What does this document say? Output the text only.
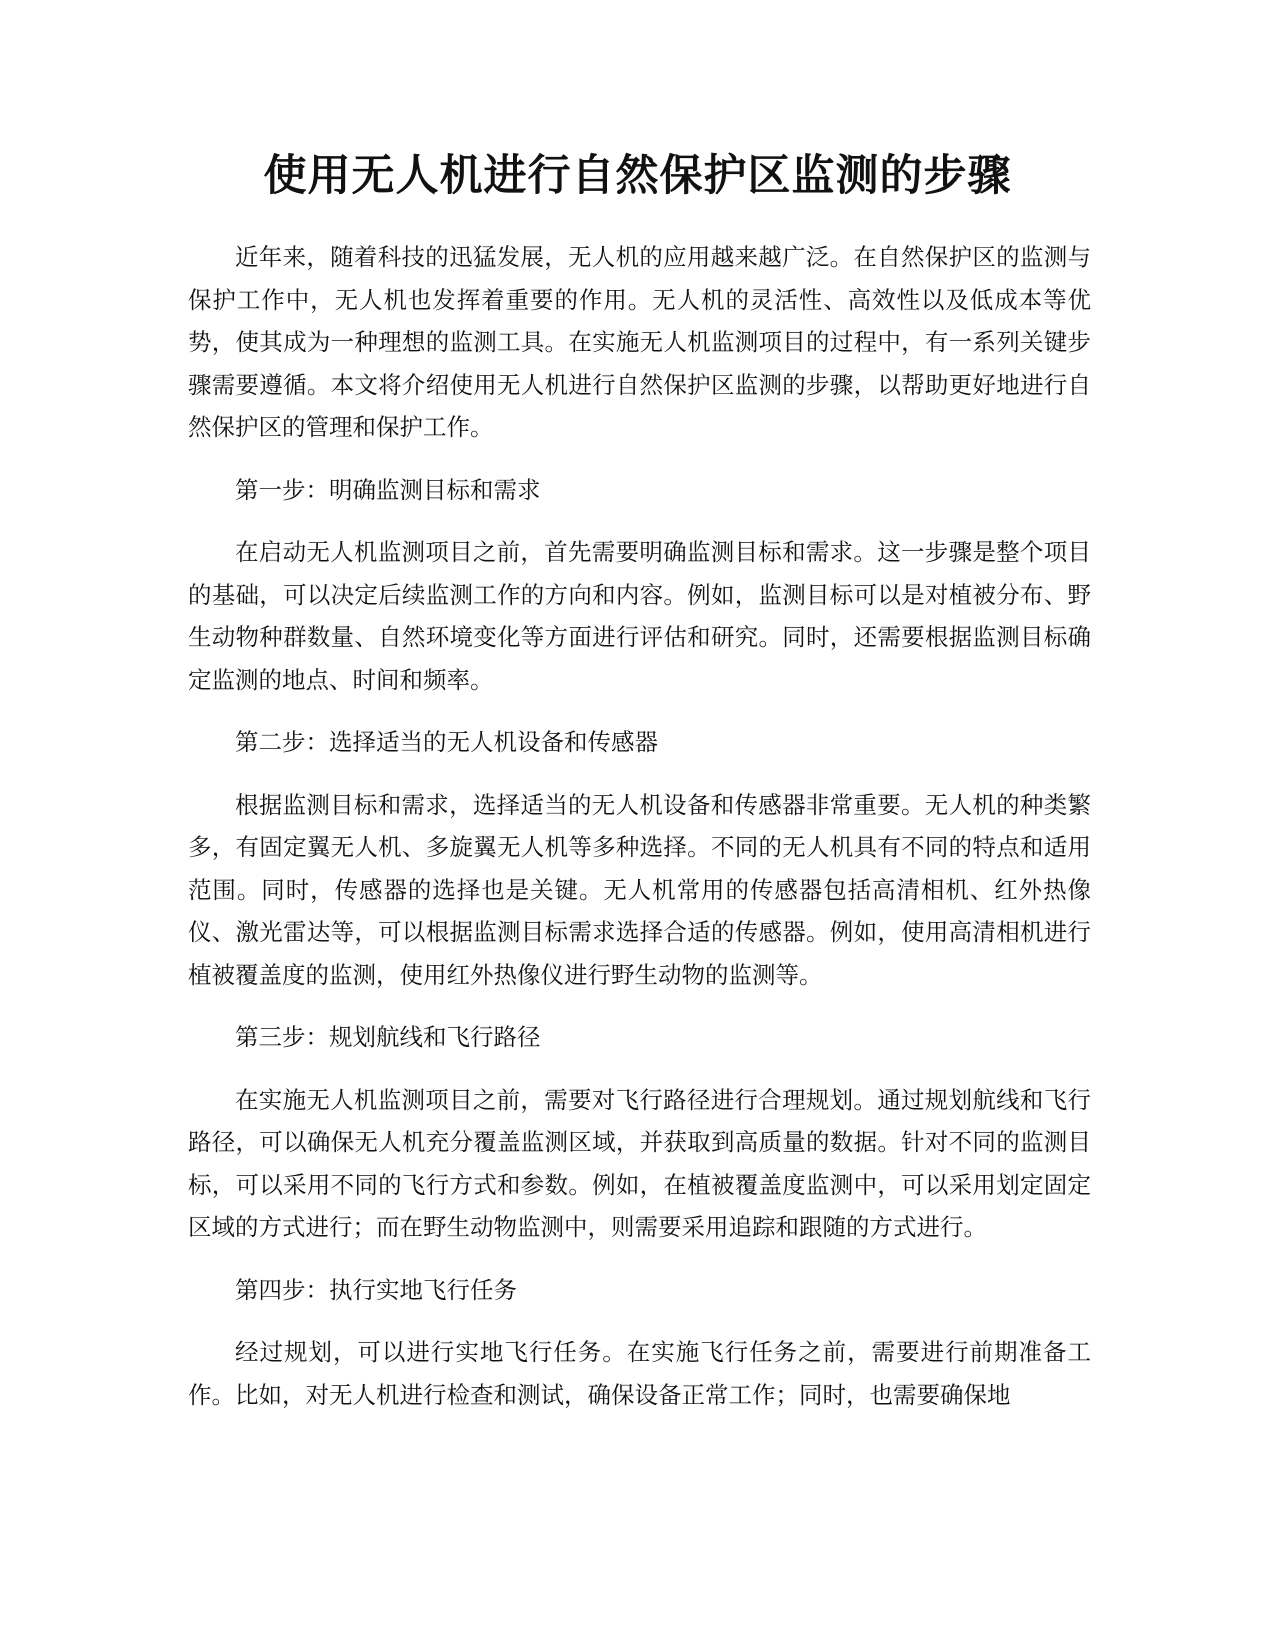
使用无人机进行自然保护区监测的步骤

近年来，随着科技的迅猛发展，无人机的应用越来越广泛。在自然保护区的监测与保护工作中，无人机也发挥着重要的作用。无人机的灵活性、高效性以及低成本等优势，使其成为一种理想的监测工具。在实施无人机监测项目的过程中，有一系列关键步骤需要遵循。本文将介绍使用无人机进行自然保护区监测的步骤，以帮助更好地进行自然保护区的管理和保护工作。

第一步：明确监测目标和需求

在启动无人机监测项目之前，首先需要明确监测目标和需求。这一步骤是整个项目的基础，可以决定后续监测工作的方向和内容。例如，监测目标可以是对植被分布、野生动物种群数量、自然环境变化等方面进行评估和研究。同时，还需要根据监测目标确定监测的地点、时间和频率。

第二步：选择适当的无人机设备和传感器

根据监测目标和需求，选择适当的无人机设备和传感器非常重要。无人机的种类繁多，有固定翼无人机、多旋翼无人机等多种选择。不同的无人机具有不同的特点和适用范围。同时，传感器的选择也是关键。无人机常用的传感器包括高清相机、红外热像仪、激光雷达等，可以根据监测目标需求选择合适的传感器。例如，使用高清相机进行植被覆盖度的监测，使用红外热像仪进行野生动物的监测等。

第三步：规划航线和飞行路径

在实施无人机监测项目之前，需要对飞行路径进行合理规划。通过规划航线和飞行路径，可以确保无人机充分覆盖监测区域，并获取到高质量的数据。针对不同的监测目标，可以采用不同的飞行方式和参数。例如，在植被覆盖度监测中，可以采用划定固定区域的方式进行；而在野生动物监测中，则需要采用追踪和跟随的方式进行。

第四步：执行实地飞行任务

经过规划，可以进行实地飞行任务。在实施飞行任务之前，需要进行前期准备工作。比如，对无人机进行检查和测试，确保设备正常工作；同时，也需要确保地
